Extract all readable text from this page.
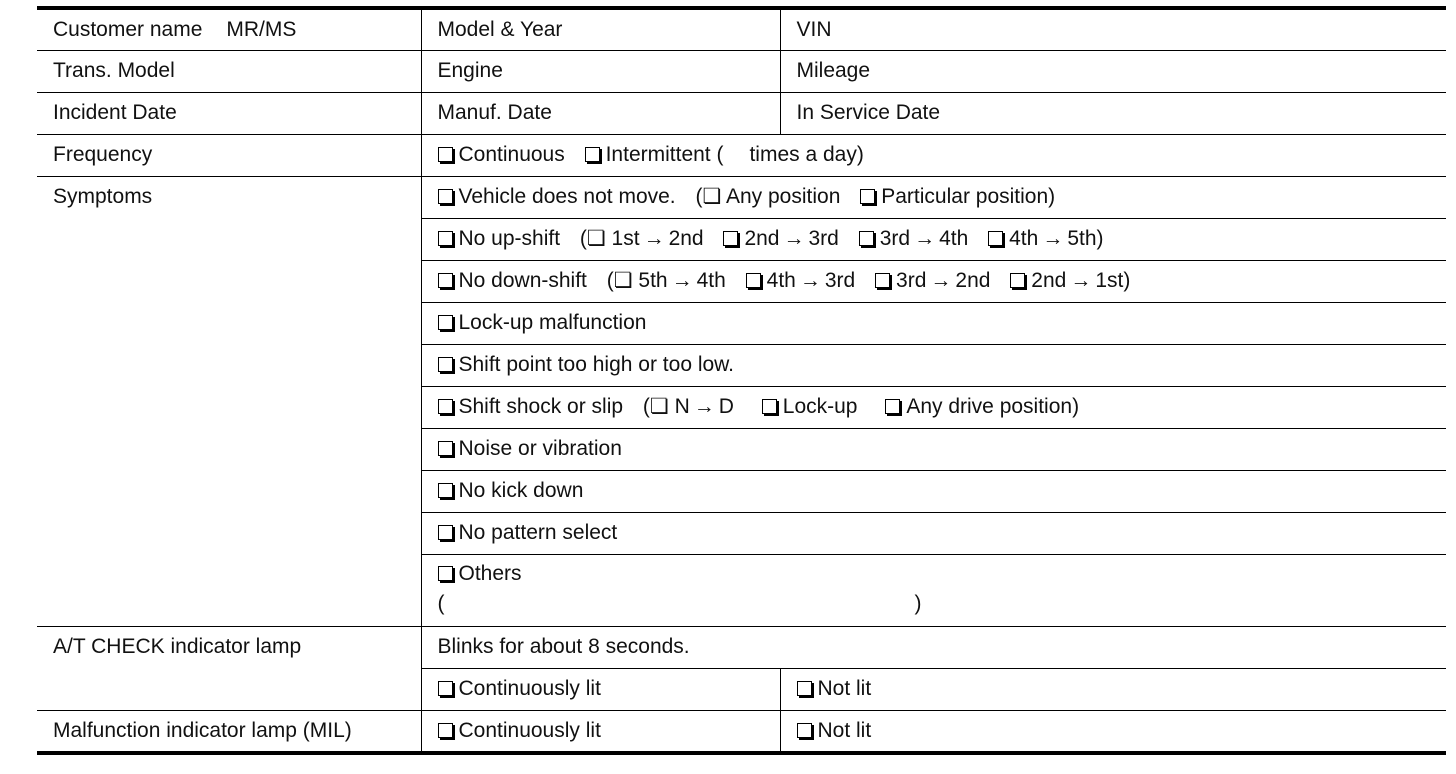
Customer name MR/MS	Model & Year	VIN
Trans. Model	Engine	Mileage
Incident Date	Manuf. Date	In Service Date
Frequency	Continuous Intermittent ( times a day)	
Symptoms	Vehicle does not move. (❏ Any position Particular position)	
	No up-shift (❏ 1st → 2nd 2nd → 3rd 3rd → 4th 4th → 5th)	
	No down-shift (❏ 5th → 4th 4th → 3rd 3rd → 2nd 2nd → 1st)	
	Lock-up malfunction	
	Shift point too high or too low.	
	Shift shock or slip (❏ N → D Lock-up Any drive position)	
	Noise or vibration	
	No kick down	
	No pattern select	

	Others
( )	

A/T CHECK indicator lamp	Blinks for about 8 seconds.	
	Continuously lit	Not lit
Malfunction indicator lamp (MIL)	Continuously lit	Not lit
